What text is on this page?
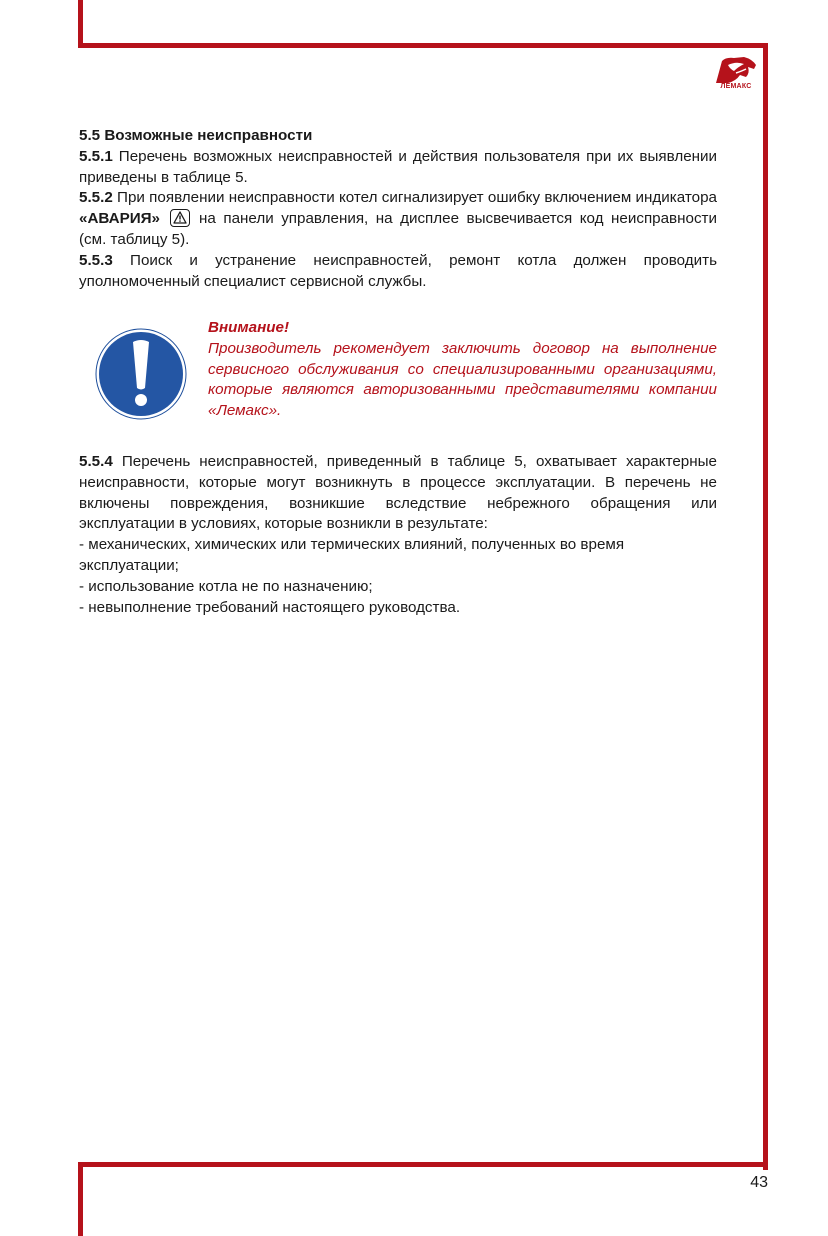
ЛЕМАКС

5.5 Возможные неисправности

5.5.1 Перечень возможных неисправностей и действия пользователя при их выявлении приведены в таблице 5.

5.5.2 При появлении неисправности котел сигнализирует ошибку включением индикатора «АВАРИЯ»
на панели управления, на дисплее высвечивается код неисправности (см. таблицу 5).

5.5.3 Поиск и устранение неисправностей, ремонт котла должен проводить уполномоченный специалист сервисной службы.

Внимание!
Производитель рекомендует заключить договор на выполнение сервисного обслуживания со специализированными организациями, которые являются авторизованными представителями компании «Лемакс».

5.5.4 Перечень неисправностей, приведенный в таблице 5, охватывает характерные неисправности, которые могут возникнуть в процессе эксплуатации. В перечень не включены повреждения, возникшие вследствие небрежного обращения или эксплуатации в условиях, которые возникли в результате:

- механических, химических или термических влияний, полученных во время эксплуатации;

- использование котла не по назначению;

- невыполнение требований настоящего руководства.

43
